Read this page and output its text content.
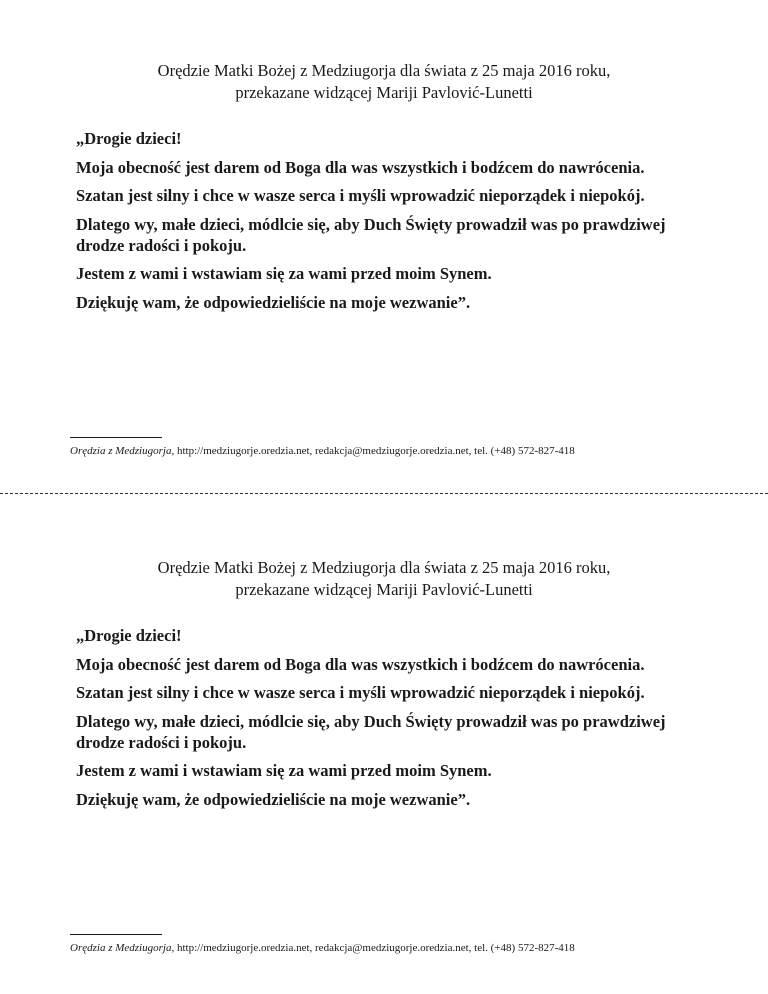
Orędzie Matki Bożej z Medziugorja dla świata z 25 maja 2016 roku,
przekazane widzącej Mariji Pavlović-Lunetti

„Drogie dzieci!

Moja obecność jest darem od Boga dla was wszystkich i bodźcem do nawrócenia.

Szatan jest silny i chce w wasze serca i myśli wprowadzić nieporządek i niepokój.

Dlatego wy, małe dzieci, módlcie się, aby Duch Święty prowadził was po prawdziwej drodze radości i pokoju.

Jestem z wami i wstawiam się za wami przed moim Synem.

Dziękuję wam, że odpowiedzieliście na moje wezwanie”.

Orędzia z Medziugorja, http://medziugorje.oredzia.net, redakcja@medziugorje.oredzia.net, tel. (+48) 572-827-418
Orędzie Matki Bożej z Medziugorja dla świata z 25 maja 2016 roku,
przekazane widzącej Mariji Pavlović-Lunetti

„Drogie dzieci!

Moja obecność jest darem od Boga dla was wszystkich i bodźcem do nawrócenia.

Szatan jest silny i chce w wasze serca i myśli wprowadzić nieporządek i niepokój.

Dlatego wy, małe dzieci, módlcie się, aby Duch Święty prowadził was po prawdziwej drodze radości i pokoju.

Jestem z wami i wstawiam się za wami przed moim Synem.

Dziękuję wam, że odpowiedzieliście na moje wezwanie”.

Orędzia z Medziugorja, http://medziugorje.oredzia.net, redakcja@medziugorje.oredzia.net, tel. (+48) 572-827-418
